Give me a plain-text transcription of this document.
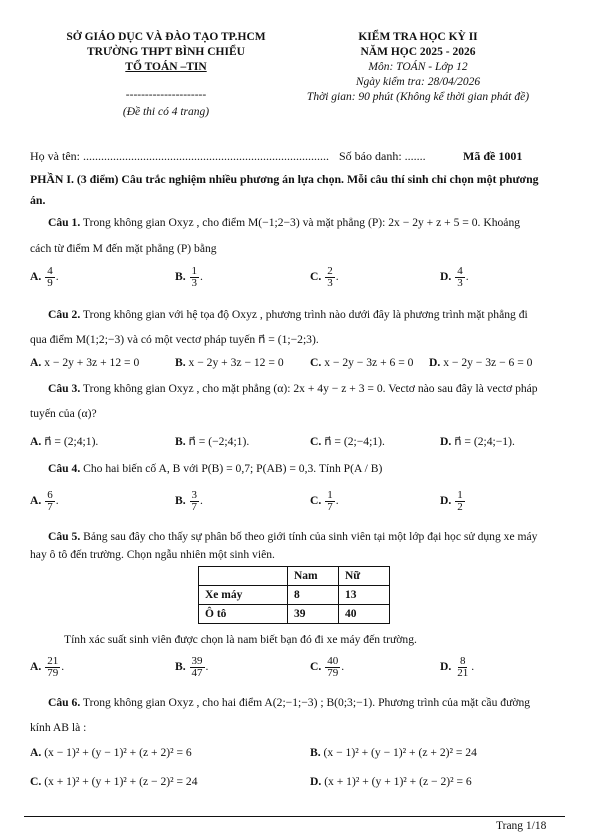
SỞ GIÁO DỤC VÀ ĐÀO TẠO TP.HCM
TRƯỜNG THPT BÌNH CHIỂU
TỔ TOÁN –TIN
---------------------
(Đề thi có 4 trang)
KIỂM TRA HỌC KỲ II
NĂM HỌC 2025 - 2026
Môn: TOÁN - Lớp 12
Ngày kiểm tra: 28/04/2026
Thời gian: 90 phút (Không kể thời gian phát đề)
Họ và tên: .................................................................................. Số báo danh: .......	Mã đề 1001
PHẦN I. (3 điểm) Câu trắc nghiệm nhiều phương án lựa chọn. Mỗi câu thí sinh chỉ chọn một phương
án.
Câu 1. Trong không gian Oxyz , cho điểm M(−1;2−3) và mặt phẳng (P): 2x − 2y + z + 5 = 0. Khoảng
cách từ điểm M đến mặt phẳng (P) bằng
A. $\frac{4}{9}$ .	B. $\frac{1}{3}$ .	C. $\frac{2}{3}$ .	D. $\frac{4}{3}$ .
Câu 2. Trong không gian với hệ tọa độ Oxyz , phương trình nào dưới đây là phương trình mặt phẳng đi
qua điểm M(1;2;−3) và có một vectơ pháp tuyến n⃗ = (1;−2;3).
A. x − 2y + 3z + 12 = 0	B. x − 2y + 3z − 12 = 0 C. x − 2y − 3z + 6 = 0 D. x − 2y − 3z − 6 = 0
Câu 3. Trong không gian Oxyz , cho mặt phẳng (α): 2x + 4y − z + 3 = 0. Vectơ nào sau đây là vectơ pháp
tuyến của (α)?
A. n⃗ = (2;4;1).	B. n⃗ = (−2;4;1).	C. n⃗ = (2;−4;1).	D. n⃗ = (2;4;−1).
Câu 4. Cho hai biến cố A, B với P(B) = 0,7; P(AB) = 0,3. Tính P(A / B)
A. $\frac{6}{7}$ .	B. $\frac{3}{7}$ .	C. $\frac{1}{7}$ .	D. $\frac{1}{2}$
Câu 5. Bảng sau đây cho thấy sự phân bố theo giới tính của sinh viên tại một lớp đại học sử dụng xe máy
hay ô tô đến trường. Chọn ngẫu nhiên một sinh viên.
	Nam	Nữ
Xe máy	8	13
Ô tô	39	40
Tính xác suất sinh viên được chọn là nam biết bạn đó đi xe máy đến trường.
A. $\frac{21}{79}$ .	B. $\frac{39}{47}$ .	C. $\frac{40}{79}$ .	D. $\frac{8}{21}$ .
Câu 6. Trong không gian Oxyz , cho hai điểm A(2;−1;−3) ; B(0;3;−1). Phương trình của mặt cầu đường
kính AB là :
A. (x − 1)² + (y − 1)² + (z + 2)² = 6	B. (x − 1)² + (y − 1)² + (z + 2)² = 24
C. (x + 1)² + (y + 1)² + (z − 2)² = 24	D. (x + 1)² + (y + 1)² + (z − 2)² = 6
Trang 1/18
